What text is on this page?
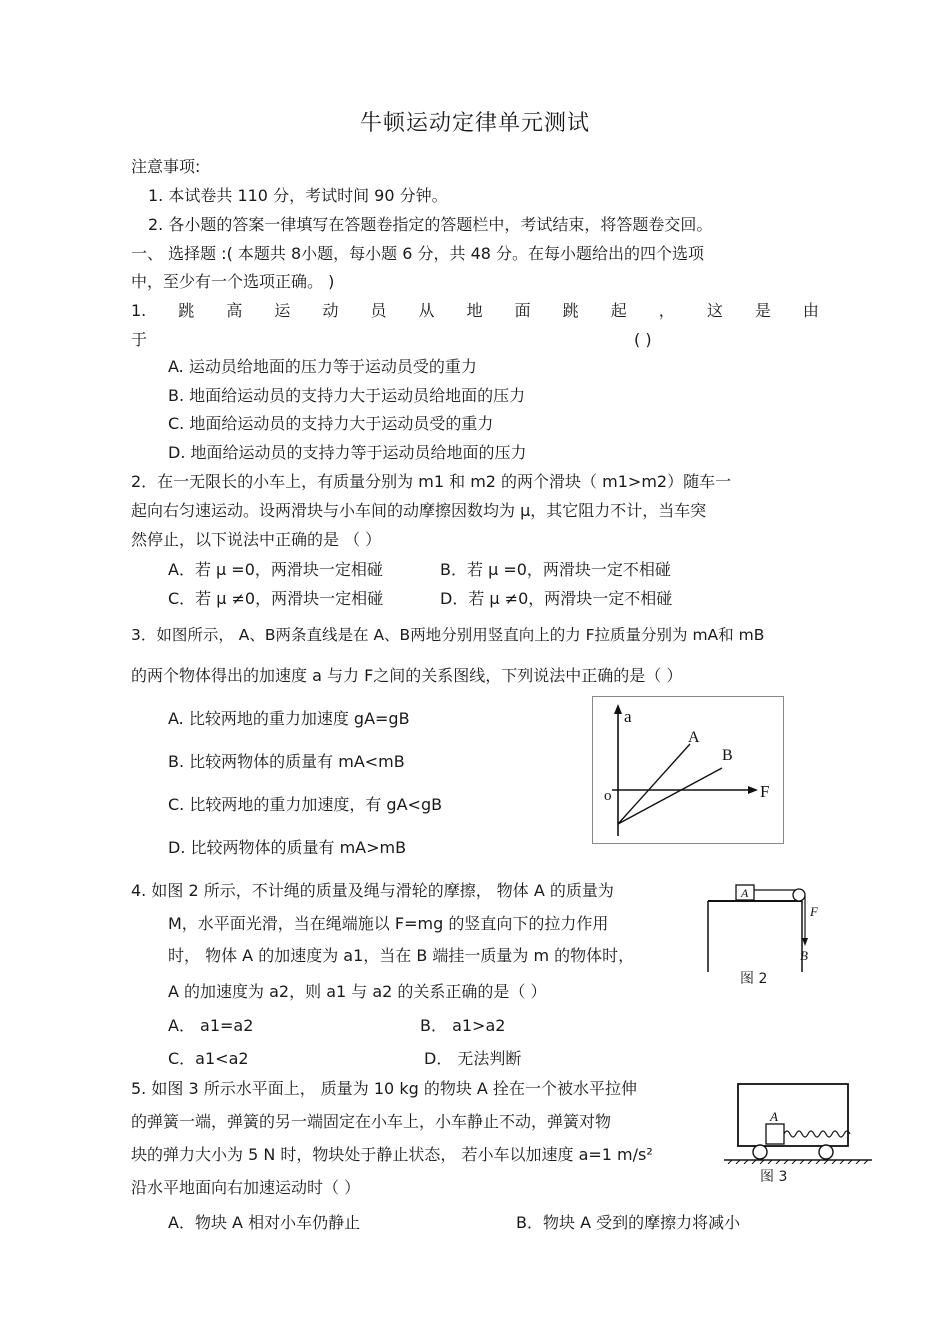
牛顿运动定律单元测试
注意事项:
1. 本试卷共 110 分，考试时间 90 分钟。
2. 各小题的答案一律填写在答题卷指定的答题栏中，考试结束，将答题卷交回。
一、 选择题 :( 本题共 8小题，每小题 6 分，共 48 分。在每小题给出的四个选项
中，至少有一个选项正确。 )
1. 跳 高 运 动 员 从 地 面 跳 起 ， 这 是 由
于	( )
A. 运动员给地面的压力等于运动员受的重力
B. 地面给运动员的支持力大于运动员给地面的压力
C. 地面给运动员的支持力大于运动员受的重力
D. 地面给运动员的支持力等于运动员给地面的压力
2．在一无限长的小车上，有质量分别为 m1 和 m2 的两个滑块（ m1>m2）随车一
起向右匀速运动。设两滑块与小车间的动摩擦因数均为 μ，其它阻力不计，当车突
然停止，以下说法中正确的是 （ ）
A．若 μ =0，两滑块一定相碰	B．若 μ =0，两滑块一定不相碰
C．若 μ ≠0，两滑块一定相碰	D．若 μ ≠0，两滑块一定不相碰
3．如图所示， A、B两条直线是在 A、B两地分别用竖直向上的力 F拉质量分别为 mA和 mB
的两个物体得出的加速度 a 与力 F之间的关系图线，下列说法中正确的是（ ）
A. 比较两地的重力加速度 gA=gB
B. 比较两物体的质量有 mA<mB
C. 比较两地的重力加速度，有 gA<gB
D. 比较两物体的质量有 mA>mB
a
F
o
A
B
4. 如图 2 所示，不计绳的质量及绳与滑轮的摩擦， 物体 A 的质量为
M，水平面光滑，当在绳端施以 F=mg 的竖直向下的拉力作用
时， 物体 A 的加速度为 a1，当在 B 端挂一质量为 m 的物体时，
A 的加速度为 a2，则 a1 与 a2 的关系正确的是（ ）
A． a1=a2	B． a1>a2
C．a1<a2	D． 无法判断
A
F
B
图 2
5. 如图 3 所示水平面上， 质量为 10 kg 的物块 A 拴在一个被水平拉伸
的弹簧一端，弹簧的另一端固定在小车上，小车静止不动，弹簧对物
块的弹力大小为 5 N 时，物块处于静止状态， 若小车以加速度 a=1 m/s²
沿水平地面向右加速运动时（ ）
A．物块 A 相对小车仍静止	B．物块 A 受到的摩擦力将减小
A
图 3
